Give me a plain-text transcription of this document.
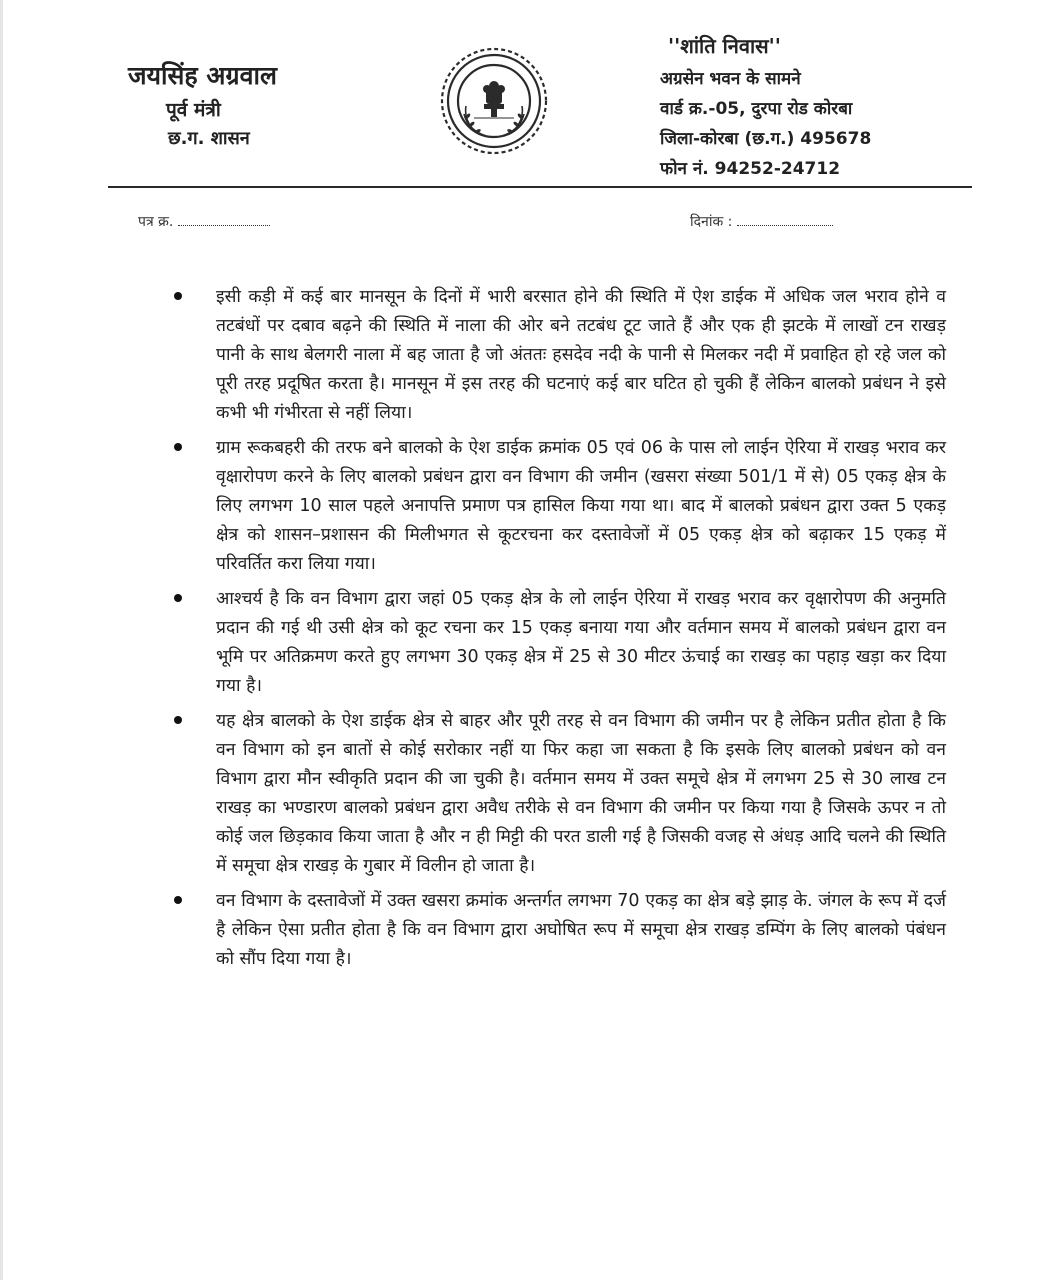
जयसिंह अग्रवाल
पूर्व मंत्री
छ.ग. शासन
~~~~~~~~~~~~
''शांति निवास''
अग्रसेन भवन के सामने
वार्ड क्र.-05, दुरपा रोड कोरबा
जिला-कोरबा (छ.ग.) 495678
फोन नं. 94252-24712
पत्र क्र.	दिनांक :
इसी कड़ी में कई बार मानसून के दिनों में भारी बरसात होने की स्थिति में ऐश डाईक में अधिक जल भराव होने व तटबंधों पर दबाव बढ़ने की स्थिति में नाला की ओर बने तटबंध टूट जाते हैं और एक ही झटके में लाखों टन राखड़ पानी के साथ बेलगरी नाला में बह जाता है जो अंततः हसदेव नदी के पानी से मिलकर नदी में प्रवाहित हो रहे जल को पूरी तरह प्रदूषित करता है। मानसून में इस तरह की घटनाएं कई बार घटित हो चुकी हैं लेकिन बालको प्रबंधन ने इसे कभी भी गंभीरता से नहीं लिया।
ग्राम रूकबहरी की तरफ बने बालको के ऐश डाईक क्रमांक 05 एवं 06 के पास लो लाईन ऐरिया में राखड़ भराव कर वृक्षारोपण करने के लिए बालको प्रबंधन द्वारा वन विभाग की जमीन (खसरा संख्या 501/1 में से) 05 एकड़ क्षेत्र के लिए लगभग 10 साल पहले अनापत्ति प्रमाण पत्र हासिल किया गया था। बाद में बालको प्रबंधन द्वारा उक्त 5 एकड़ क्षेत्र को शासन–प्रशासन की मिलीभगत से कूटरचना कर दस्तावेजों में 05 एकड़ क्षेत्र को बढ़ाकर 15 एकड़ में परिवर्तित करा लिया गया।
आश्चर्य है कि वन विभाग द्वारा जहां 05 एकड़ क्षेत्र के लो लाईन ऐरिया में राखड़ भराव कर वृक्षारोपण की अनुमति प्रदान की गई थी उसी क्षेत्र को कूट रचना कर 15 एकड़ बनाया गया और वर्तमान समय में बालको प्रबंधन द्वारा वन भूमि पर अतिक्रमण करते हुए लगभग 30 एकड़ क्षेत्र में 25 से 30 मीटर ऊंचाई का राखड़ का पहाड़ खड़ा कर दिया गया है।
यह क्षेत्र बालको के ऐश डाईक क्षेत्र से बाहर और पूरी तरह से वन विभाग की जमीन पर है लेकिन प्रतीत होता है कि वन विभाग को इन बातों से कोई सरोकार नहीं या फिर कहा जा सकता है कि इसके लिए बालको प्रबंधन को वन विभाग द्वारा मौन स्वीकृति प्रदान की जा चुकी है। वर्तमान समय में उक्त समूचे क्षेत्र में लगभग 25 से 30 लाख टन राखड़ का भण्डारण बालको प्रबंधन द्वारा अवैध तरीके से वन विभाग की जमीन पर किया गया है जिसके ऊपर न तो कोई जल छिड़काव किया जाता है और न ही मिट्टी की परत डाली गई है जिसकी वजह से अंधड़ आदि चलने की स्थिति में समूचा क्षेत्र राखड़ के गुबार में विलीन हो जाता है।
वन विभाग के दस्तावेजों में उक्त खसरा क्रमांक अन्तर्गत लगभग 70 एकड़ का क्षेत्र बड़े झाड़ के. जंगल के रूप में दर्ज है लेकिन ऐसा प्रतीत होता है कि वन विभाग द्वारा अघोषित रूप में समूचा क्षेत्र राखड़ डम्पिंग के लिए बालको पंबंधन को सौंप दिया गया है।
